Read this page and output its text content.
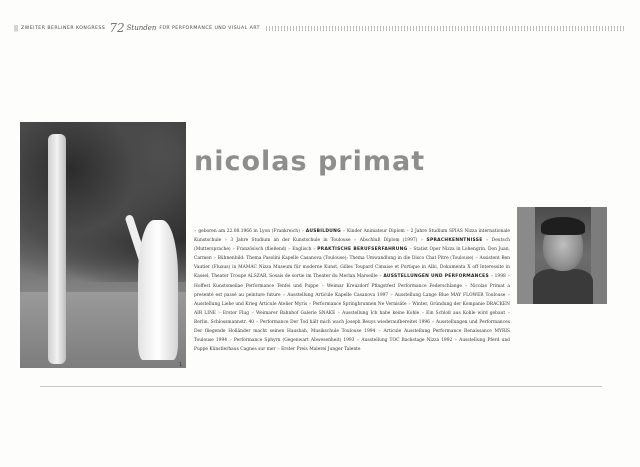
|| ZWEITER BERLINER KONGRESS 72 Stunden FÜR PERFORMANCE UND VISUAL ART
1
nicolas primat
» geboren am 22.08.1966 in Lyon (Frankreich) » AUSBILDUNG » Kinder Animateur Diplom » 2 Jahre Studium SPIAS Nizza internationale Kunstschule » 3 Jahre Studium an der Kunstschule in Toulouse » Abschluß Diplom (1997) » SPRACHKENNTNISSE » Deutsch (Muttersprache) » Französisch (fließend) » Englisch » PRAKTISCHE BERUFSERFAHRUNG » Statist Oper Nizza in Lohengrin, Don Juan, Carmen » Bühnenbild: Thema Pasolini Kapelle Casanova (Toulouse); Thema Umwandlung in die Disco Chat Pitre (Toulouse) » Assistent Ben Vautier (Fluxus) in MAMAC Nizza Museum für moderne Kunst, Gilles Toupard Cimaise et Portique in Albi, Dokumenta X off Interessite in Kassel, Theater Troupe ALSZAR, Sosais de sortie im Theater du Merlan Marseille » AUSSTELLUNGEN UND PERFORMANCES » 1998 » Hoffest Kunstsmeilae Performance Tenfei und Puppe » Weimar Kreuzdorf Pfingstfest Performance Federschlange » Nicolas Primat a presenté est passé au peinture future » Ausstellung Articule Kapelle Casanova 1997 » Ausstellung Lange Blue MAY FLOWER Toulouse » Ausstellung Liebe und Krieg Articule Atelier Myris » Performance Springbrunnen Ne Vernisäte » Winter, Gründung der Kompanie DRACKEN AIR LINE » Erster Flug » Weimarer Bahnhof Galerie SNAKE » Ausstellung Ich habe keine Kohle » Ein Schloß aus Kohle wird gebaut » Berlin, Schlossmannstr. 40 » Performance Der Tod hält mich wach Joseph Beuys wiederaufbereitet 1996 » Ausstellungen und Performances Der fliegende Holländer macht seinen Hausbah, Musikschule Toulouse 1994 » Articule Ausstellung Performance Renaissance MYRIS Toulouse 1994 » Performance Sphyrn (Gegenwart Abwesenheit) 1993 » Ausstellung TOC Backstage Nizza 1992 » Ausstellung Pferd und Puppe Künstlerhaus Cagnes sur mer » Erster Preis Malerei Junger Talente
